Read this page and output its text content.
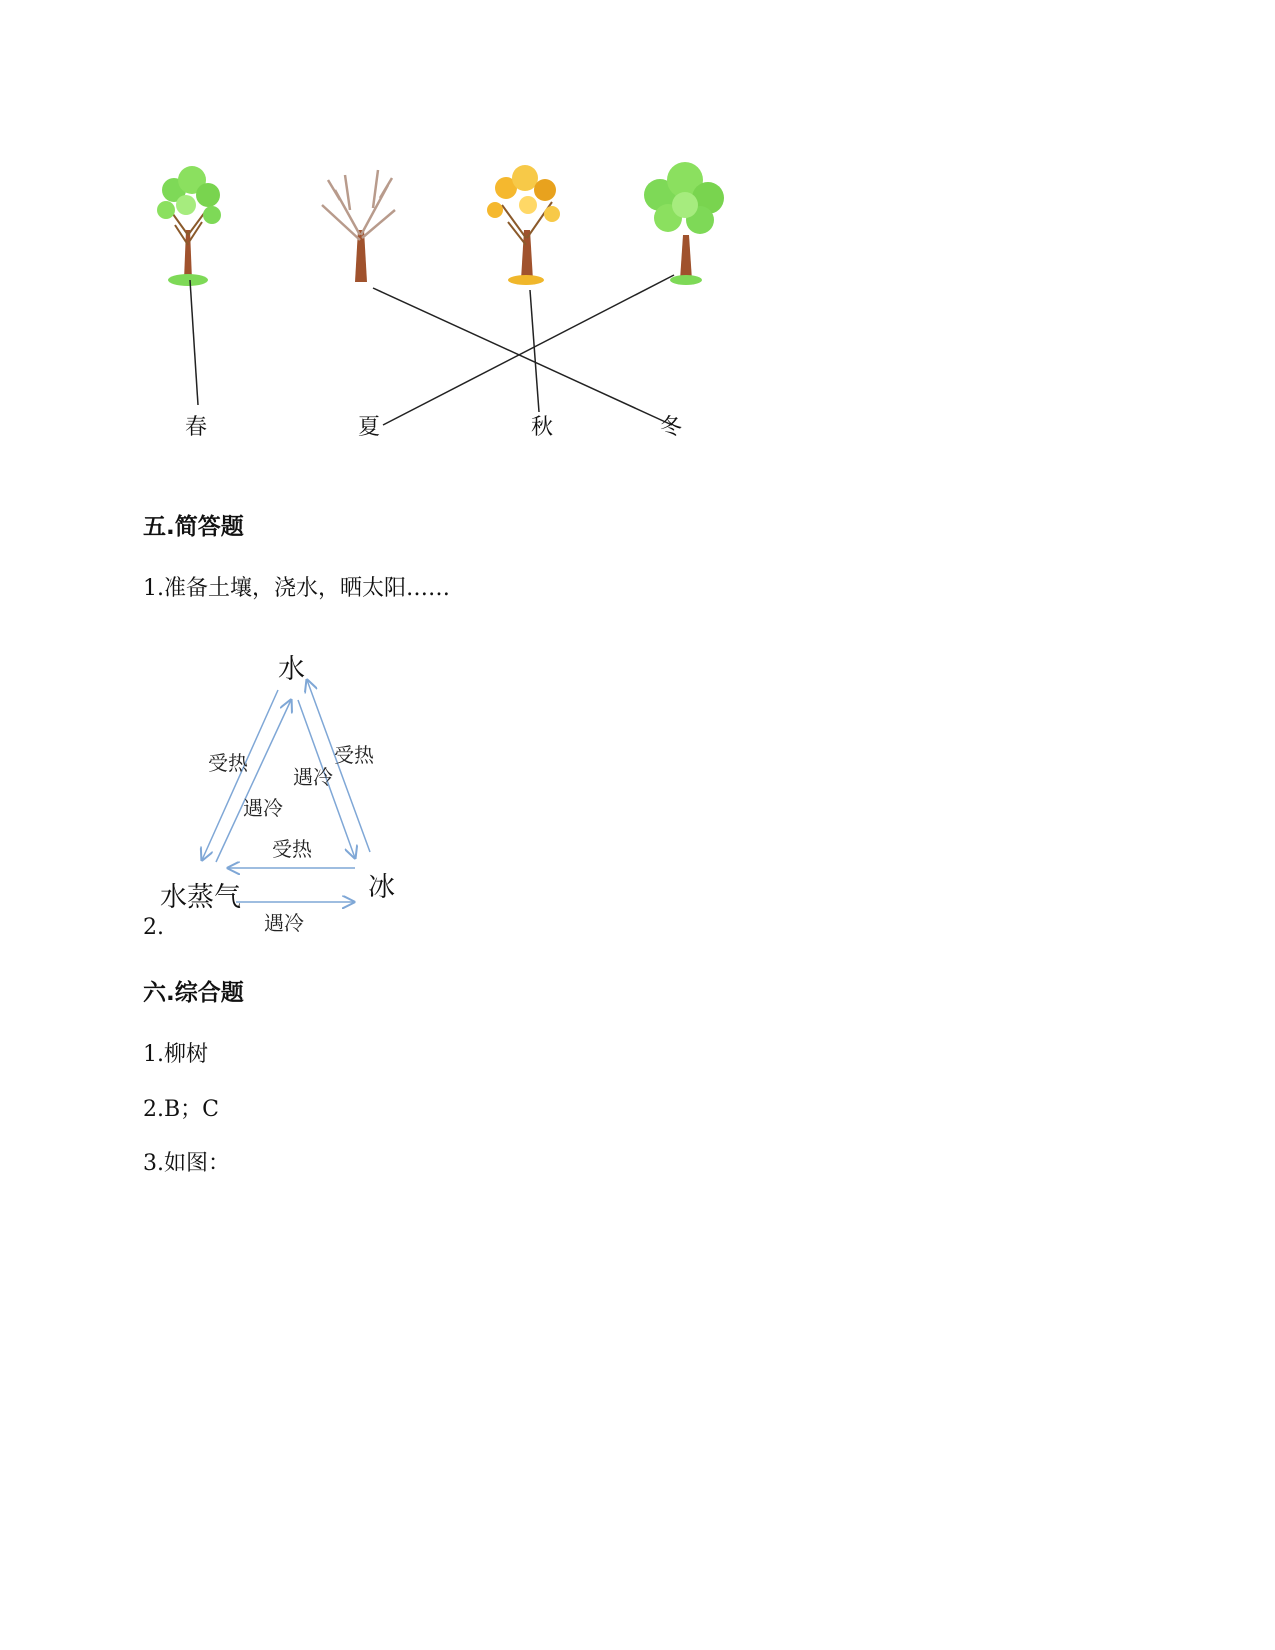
春	夏	秋	冬
五.简答题
1.准备土壤，浇水，晒太阳……
水
水蒸气	冰
受热
遇冷
遇冷
受热
受热
遇冷
2.
六.综合题
1.柳树
2.B；C
3.如图：
